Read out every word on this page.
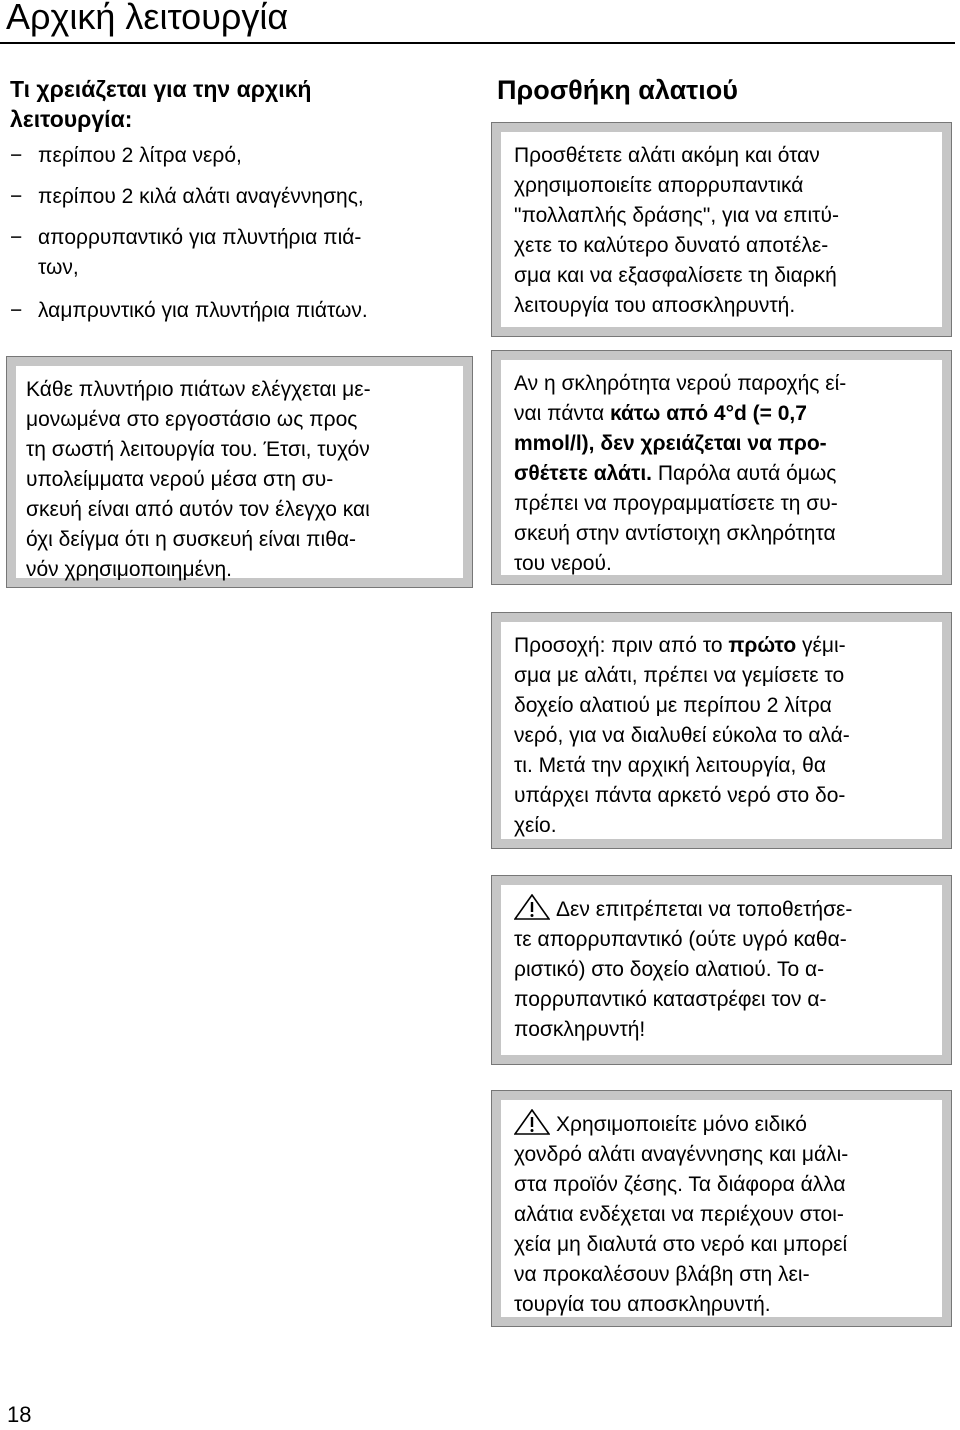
Αρχική λειτουργία
Τι χρειάζεται για την αρχική
λειτουργία:
− περίπου 2 λίτρα νερό,
− περίπου 2 κιλά αλάτι αναγέννησης,
− απορρυπαντικό για πλυντήρια πιά-
των,
− λαμπρυντικό για πλυντήρια πιάτων.
Κάθε πλυντήριο πιάτων ελέγχεται με-
μονωμένα στο εργοστάσιο ως προς
τη σωστή λειτουργία του. Έτσι, τυχόν
υπολείμματα νερού μέσα στη συ-
σκευή είναι από αυτόν τον έλεγχο και
όχι δείγμα ότι η συσκευή είναι πιθα-
νόν χρησιμοποιημένη.
Προσθήκη αλατιού
Προσθέτετε αλάτι ακόμη και όταν
χρησιμοποιείτε απορρυπαντικά
"πολλαπλής δράσης", για να επιτύ-
χετε το καλύτερο δυνατό αποτέλε-
σμα και να εξασφαλίσετε τη διαρκή
λειτουργία του αποσκληρυντή.
Αν η σκληρότητα νερού παροχής εί-
ναι πάντα κάτω από 4°d (= 0,7
mmol/l), δεν χρειάζεται να προ-
σθέτετε αλάτι. Παρόλα αυτά όμως
πρέπει να προγραμματίσετε τη συ-
σκευή στην αντίστοιχη σκληρότητα
του νερού.
Προσοχή: πριν από το πρώτο γέμι-
σμα με αλάτι, πρέπει να γεμίσετε το
δοχείο αλατιού με περίπου 2 λίτρα
νερό, για να διαλυθεί εύκολα το αλά-
τι. Μετά την αρχική λειτουργία, θα
υπάρχει πάντα αρκετό νερό στο δο-
χείο.
Δεν επιτρέπεται να τοποθετήσε-
τε απορρυπαντικό (ούτε υγρό καθα-
ριστικό) στο δοχείο αλατιού. Το α-
πορρυπαντικό καταστρέφει τον α-
ποσκληρυντή!
Χρησιμοποιείτε μόνο ειδικό
χονδρό αλάτι αναγέννησης και μάλι-
στα προϊόν ζέσης. Τα διάφορα άλλα
αλάτια ενδέχεται να περιέχουν στοι-
χεία μη διαλυτά στο νερό και μπορεί
να προκαλέσουν βλάβη στη λει-
τουργία του αποσκληρυντή.
18
